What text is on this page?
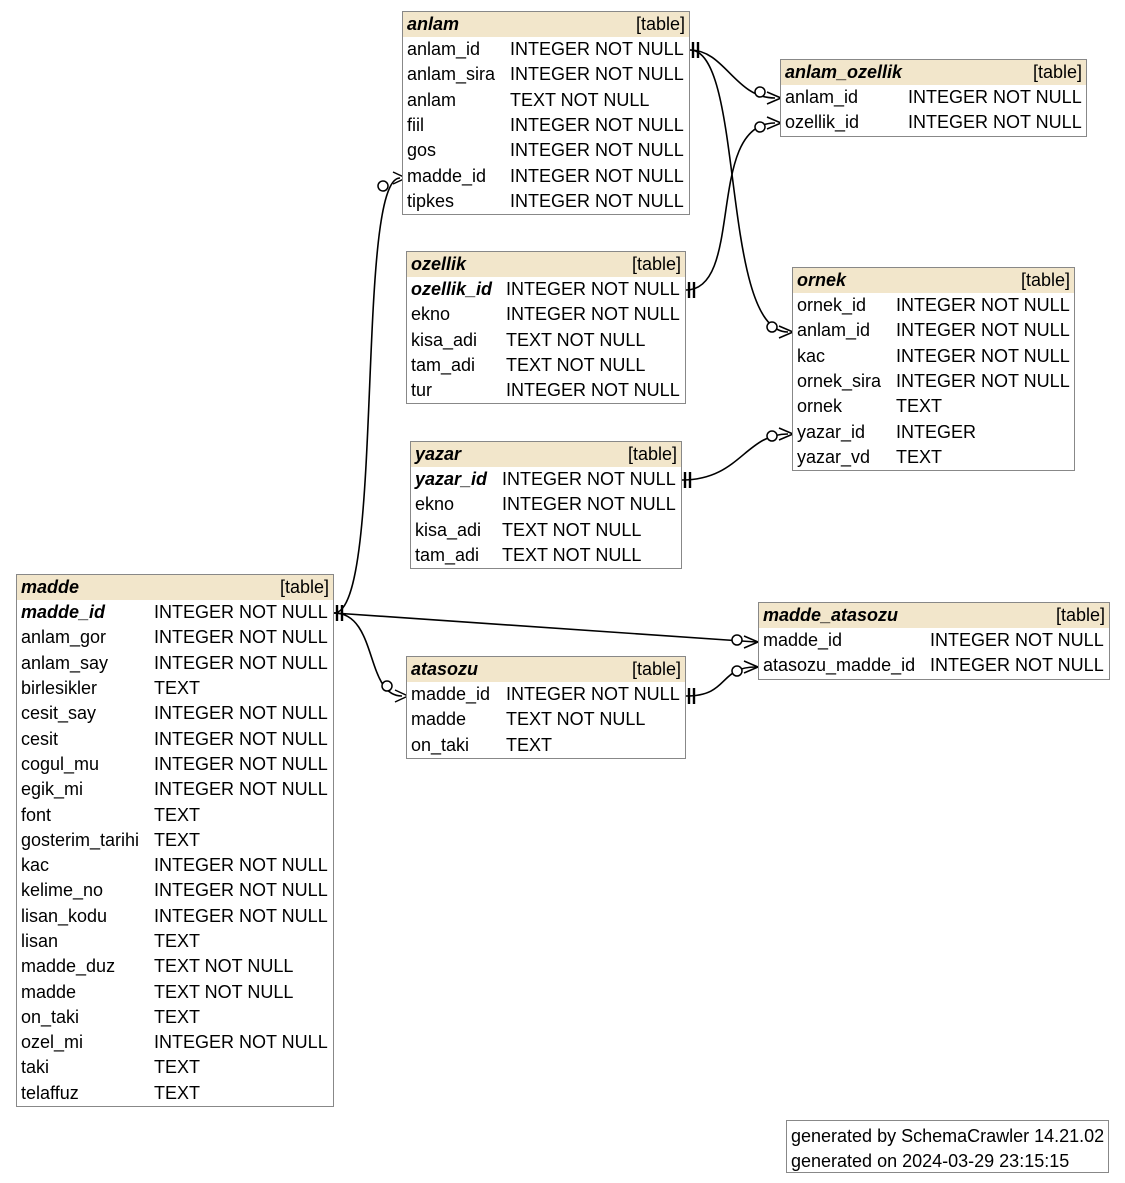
anlam	[table]
anlam_id	INTEGER NOT NULL
anlam_sira INTEGER NOT NULL
anlam	TEXT NOT NULL
fiil	INTEGER NOT NULL
gos	INTEGER NOT NULL
madde_id	INTEGER NOT NULL
tipkes	INTEGER NOT NULL
anlam_ozellik	[table]
anlam_id	INTEGER NOT NULL
ozellik_id	INTEGER NOT NULL
ozellik	[table]
ozellik_id INTEGER NOT NULL
ekno	INTEGER NOT NULL
kisa_adi	TEXT NOT NULL
tam_adi	TEXT NOT NULL
tur	INTEGER NOT NULL
ornek	[table]
ornek_id	INTEGER NOT NULL
anlam_id	INTEGER NOT NULL
kac	INTEGER NOT NULL
ornek_sira INTEGER NOT NULL
ornek	TEXT
yazar_id	INTEGER
yazar_vd	TEXT
yazar	[table]
yazar_id INTEGER NOT NULL
ekno	INTEGER NOT NULL
kisa_adi	TEXT NOT NULL
tam_adi	TEXT NOT NULL
madde	[table]
madde_id	INTEGER NOT NULL
anlam_gor	INTEGER NOT NULL
anlam_say	INTEGER NOT NULL
birlesikler	TEXT
cesit_say	INTEGER NOT NULL
cesit	INTEGER NOT NULL
cogul_mu	INTEGER NOT NULL
egik_mi	INTEGER NOT NULL
font	TEXT
gosterim_tarihi TEXT
kac	INTEGER NOT NULL
kelime_no	INTEGER NOT NULL
lisan_kodu	INTEGER NOT NULL
lisan	TEXT
madde_duz	TEXT NOT NULL
madde	TEXT NOT NULL
on_taki	TEXT
ozel_mi	INTEGER NOT NULL
taki	TEXT
telaffuz	TEXT
madde_atasozu	[table]
madde_id	INTEGER NOT NULL
atasozu_madde_id INTEGER NOT NULL
atasozu	[table]
madde_id INTEGER NOT NULL
madde	TEXT NOT NULL
on_taki	TEXT
generated by SchemaCrawler 14.21.02
generated on 2024-03-29 23:15:15
